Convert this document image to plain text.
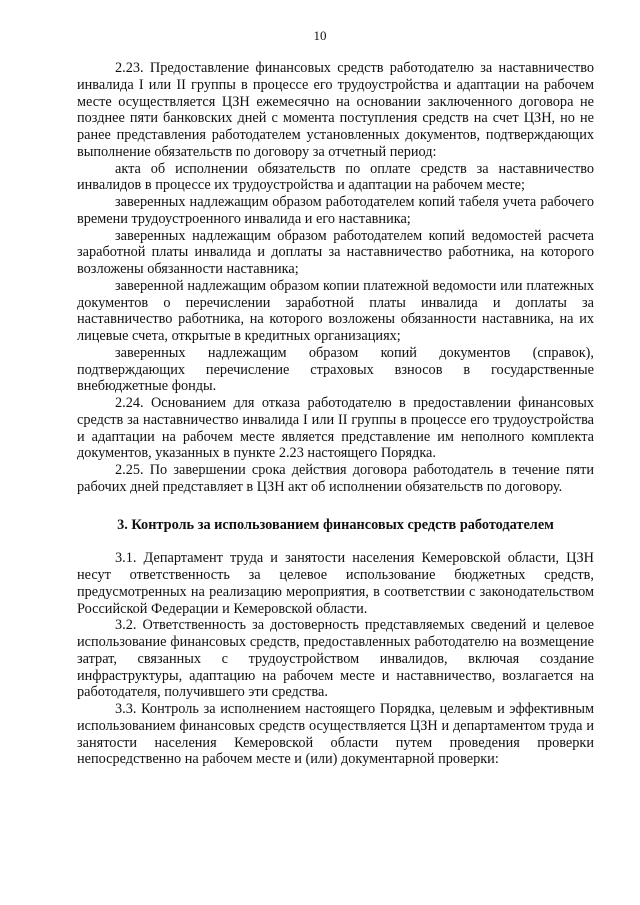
10

2.23. Предоставление финансовых средств работодателю за наставничество инвалида I или II группы в процессе его трудоустройства и адаптации на рабочем месте осуществляется ЦЗН ежемесячно на основании заключенного договора не позднее пяти банковских дней с момента поступления средств на счет ЦЗН, но не ранее представления работодателем установленных документов, подтверждающих выполнение обязательств по договору за отчетный период:

акта об исполнении обязательств по оплате средств за наставничество инвалидов в процессе их трудоустройства и адаптации на рабочем месте;

заверенных надлежащим образом работодателем копий табеля учета рабочего времени трудоустроенного инвалида и его наставника;

заверенных надлежащим образом работодателем копий ведомостей расчета заработной платы инвалида и доплаты за наставничество работника, на которого возложены обязанности наставника;

заверенной надлежащим образом копии платежной ведомости или платежных документов о перечислении заработной платы инвалида и доплаты за наставничество работника, на которого возложены обязанности наставника, на их лицевые счета, открытые в кредитных организациях;

заверенных надлежащим образом копий документов (справок), подтверждающих перечисление страховых взносов в государственные внебюджетные фонды.

2.24. Основанием для отказа работодателю в предоставлении финансовых средств за наставничество инвалида I или II группы в процессе его трудоустройства и адаптации на рабочем месте является представление им неполного комплекта документов, указанных в пункте 2.23 настоящего Порядка.

2.25. По завершении срока действия договора работодатель в течение пяти рабочих дней представляет в ЦЗН акт об исполнении обязательств по договору.

3. Контроль за использованием финансовых средств работодателем

3.1. Департамент труда и занятости населения Кемеровской области, ЦЗН несут ответственность за целевое использование бюджетных средств, предусмотренных на реализацию мероприятия, в соответствии с законодательством Российской Федерации и Кемеровской области.

3.2. Ответственность за достоверность представляемых сведений и целевое использование финансовых средств, предоставленных работодателю на возмещение затрат, связанных с трудоустройством инвалидов, включая создание инфраструктуры, адаптацию на рабочем месте и наставничество, возлагается на работодателя, получившего эти средства.

3.3. Контроль за исполнением настоящего Порядка, целевым и эффективным использованием финансовых средств осуществляется ЦЗН и департаментом труда и занятости населения Кемеровской области путем проведения проверки непосредственно на рабочем месте и (или) документарной проверки:
